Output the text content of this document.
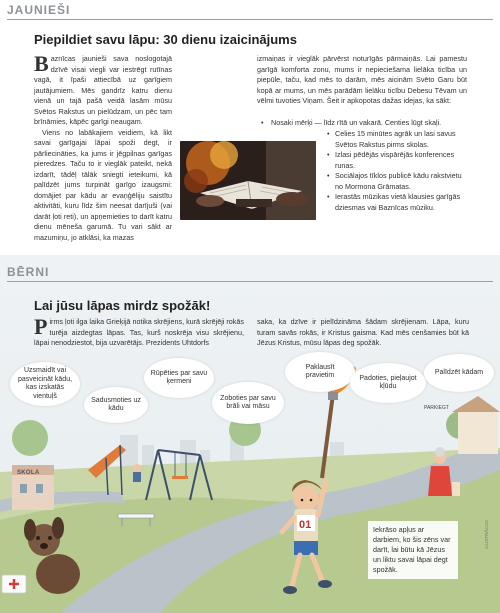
JAUNIEŠI
Piepildiet savu lāpu: 30 dienu izaicinājums

Baznīcas jaunieši sava noslogotajā dzīvē visai viegli var iestrēgt rutīnas vagā, it īpaši attiecībā uz garīgiem jautājumiem. Mēs gandrīz katru dienu vienā un tajā pašā veidā lasām mūsu Svētos Rakstus un pielūdzam, un pēc tam brīnāmies, kāpēc garīgi neaugam.

Viens no labākajiem veidiem, kā likt savai garīgajai lāpai spoži degt, ir pārliecināties, ka jums ir jēgpilnas garīgas pieredzes. Taču to ir vieglāk pateikt, nekā izdarīt, tādēļ tālāk sniegti ieteikumi, kā palīdzēt jums turpināt garīgo izaugsmi: domājiet par kādu ar evaņģēliju saistītu aktivitāti, kuru līdz šim neesat darījuši (vai darāt ļoti reti), un apņemieties to darīt katru dienu mēneša garumā. Tu vari sākt ar mazumiņu, jo atklāsi, ka mazas

izmaiņas ir vieglāk pārvērst noturīgās pārmaiņās. Lai pamestu garīgā komforta zonu, mums ir nepieciešama lielāka ticība un piepūle, taču, kad mēs to darām, mēs aicinām Svēto Garu būt kopā ar mums, un mēs parādām lielāku ticību Debesu Tēvam un vēlmi tuvoties Viņam. Šeit ir apkopotas dažas idejas, ka sākt:

• Nosaki mērķi — līdz rītā un vakarā. Centies lūgt skaļi.
• Celies 15 minūtes agrāk un lasi savus Svētos Rakstus pirms skolas.
• Izlasi pēdējās vispārējās konferences runas.
• Sociālajos tīklos publicē kādu rakstvietu no Mormona Grāmatas.
• Ierastās mūzikas vietā klausies garīgās dziesmas vai Baznīcas mūziku.
BĒRNI
Lai jūsu lāpas mirdz spožāk!

Pirms ļoti ilga laika Grieķijā notika skrējiens, kurā skrējēji rokās turēja aizdegtas lāpas. Tas, kurš noskrēja visu skrējienu, lāpai nenodziestot, bija uzvarētājs. Prezidents Uhtdorfs

saka, ka dzīve ir pielīdzināma šādam skrējienam. Lāpa, kuru turam savās rokās, ir Kristus gaisma. Kad mēs cenšamies būt kā Jēzus Kristus, mūsu lāpas deg spožāk.

SKOLA
PARKIEGT
01
Uzsmaidīt vai pasveicināt kādu, kas izskatās vientuļš
Sadusmoties uz kādu
Rūpēties par savu ķermeni
Zoboties par savu brāli vai māsu
Paklausīt pravietim	Padoties, pieļaujot kļūdu
Palīdzēt kādam
Iekrāso apļus ar darbiem, ko šis zēns var darīt, lai būtu kā Jēzus un liktu savai lāpai degt spožāk.
ILUSTRĀCIJA
